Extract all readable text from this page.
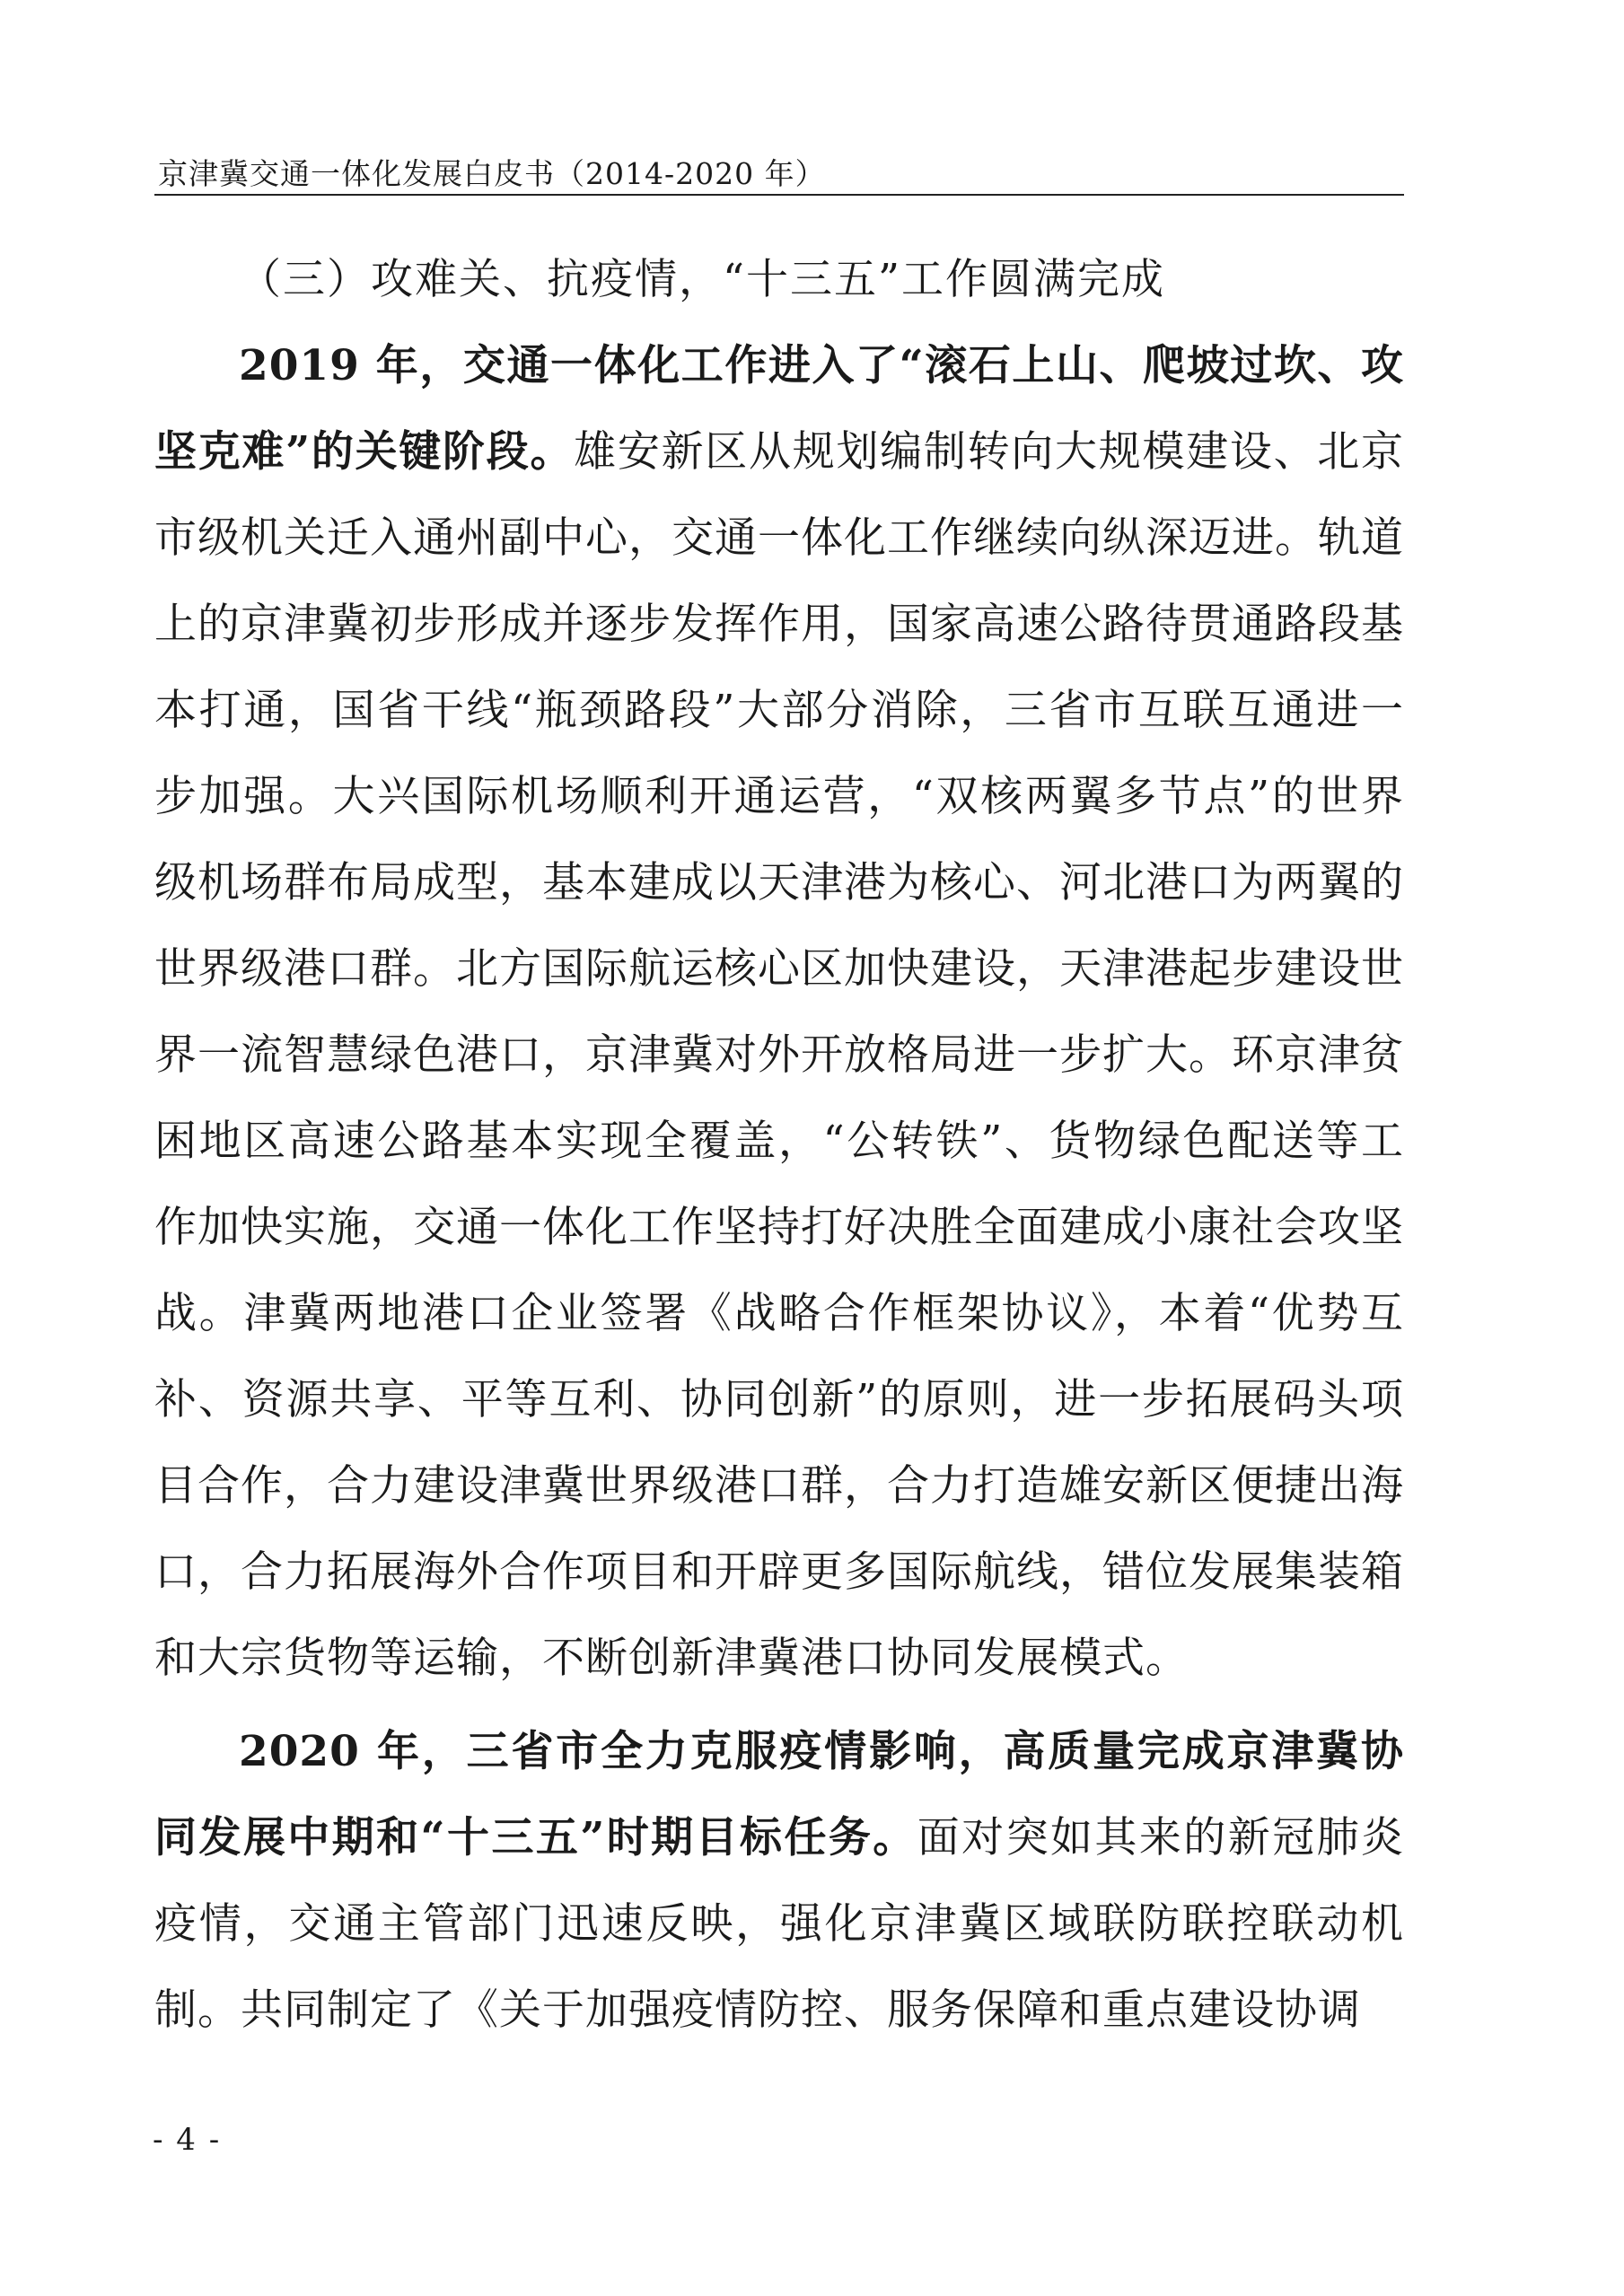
京津冀交通一体化发展白皮书（2014-2020 年）
（三）攻难关、抗疫情，“十三五”工作圆满完成

2019 年，交通一体化工作进入了“滚石上山、爬坡过坎、攻坚克难”的关键阶段。雄安新区从规划编制转向大规模建设、北京市级机关迁入通州副中心，交通一体化工作继续向纵深迈进。轨道上的京津冀初步形成并逐步发挥作用，国家高速公路待贯通路段基本打通，国省干线“瓶颈路段”大部分消除，三省市互联互通进一步加强。大兴国际机场顺利开通运营，“双核两翼多节点”的世界级机场群布局成型，基本建成以天津港为核心、河北港口为两翼的世界级港口群。北方国际航运核心区加快建设，天津港起步建设世界一流智慧绿色港口，京津冀对外开放格局进一步扩大。环京津贫困地区高速公路基本实现全覆盖，“公转铁”、货物绿色配送等工作加快实施，交通一体化工作坚持打好决胜全面建成小康社会攻坚战。津冀两地港口企业签署《战略合作框架协议》，本着“优势互补、资源共享、平等互利、协同创新”的原则，进一步拓展码头项目合作，合力建设津冀世界级港口群，合力打造雄安新区便捷出海口，合力拓展海外合作项目和开辟更多国际航线，错位发展集装箱和大宗货物等运输，不断创新津冀港口协同发展模式。

2020 年，三省市全力克服疫情影响，高质量完成京津冀协同发展中期和“十三五”时期目标任务。面对突如其来的新冠肺炎疫情，交通主管部门迅速反映，强化京津冀区域联防联控联动机制。共同制定了《关于加强疫情防控、服务保障和重点建设协调

- 4 -
